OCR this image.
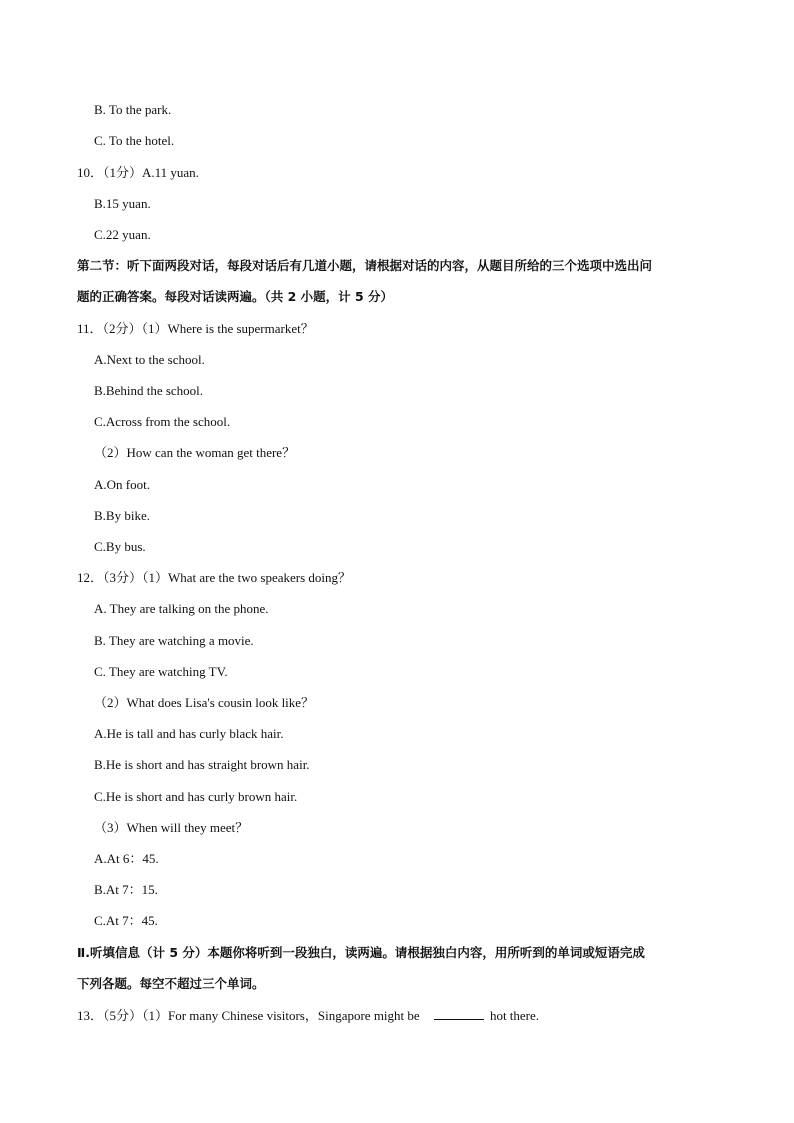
B. To the park.
C. To the hotel.
10．（1分）A.11 yuan.
B.15 yuan.
C.22 yuan.
第二节：听下面两段对话，每段对话后有几道小题，请根据对话的内容，从题目所给的三个选项中选出问
题的正确答案。每段对话读两遍。（共 2 小题，计 5 分）
11．（2分）（1）Where is the supermarket？
A.Next to the school.
B.Behind the school.
C.Across from the school.
（2）How can the woman get there？
A.On foot.
B.By bike.
C.By bus.
12．（3分）（1）What are the two speakers doing？
A. They are talking on the phone.
B. They are watching a movie.
C. They are watching TV.
（2）What does Lisa's cousin look like？
A.He is tall and has curly black hair.
B.He is short and has straight brown hair.
C.He is short and has curly brown hair.
（3）When will they meet？
A.At 6：45.
B.At 7：15.
C.At 7：45.
Ⅱ.听填信息（计 5 分）本题你将听到一段独白，读两遍。请根据独白内容，用所听到的单词或短语完成
下列各题。每空不超过三个单词。
13．（5分）（1）For many Chinese visitors，Singapore might be	hot there.
